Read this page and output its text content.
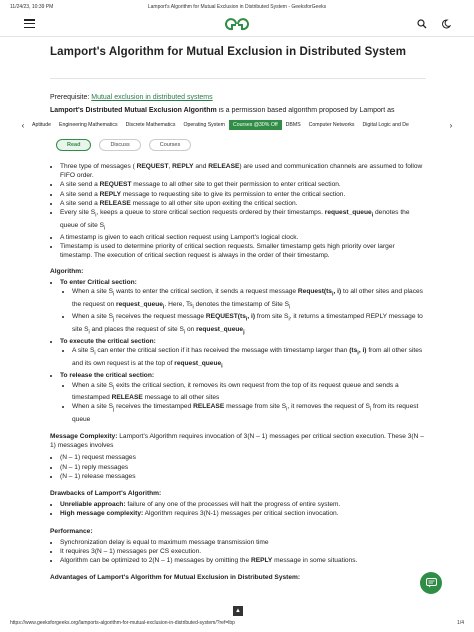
11/24/23, 10:39 PM	Lamport's Algorithm for Mutual Exclusion in Distributed System - GeeksforGeeks
Lamport's Algorithm for Mutual Exclusion in Distributed System
Prerequisite: Mutual exclusion in distributed systems
Lamport's Distributed Mutual Exclusion Algorithm is a permission based algorithm proposed by Lamport as
‹	Aptitude	Engineering Mathematics	Discrete Mathematics	Operating System	Courses @30% Off	DBMS	Computer Networks	Digital Logic and De	›
Read	Discuss	Courses
• Three type of messages ( REQUEST, REPLY and RELEASE) are used and communication channels are assumed to follow FIFO order.
• A site send a REQUEST message to all other site to get their permission to enter critical section.
• A site send a REPLY message to requesting site to give its permission to enter the critical section.
• A site send a RELEASE message to all other site upon exiting the critical section.
• Every site $S_i$, keeps a queue to store critical section requests ordered by their timestamps. request_queue$_i$ denotes the queue of site $S_i$
• A timestamp is given to each critical section request using Lamport's logical clock.
• Timestamp is used to determine priority of critical section requests. Smaller timestamp gets high priority over larger timestamp. The execution of critical section request is always in the order of their timestamp.
Algorithm:
• To enter Critical section:
• When a site $S_i$ wants to enter the critical section, it sends a request message $Request(ts_i$, i) to all other sites and places the request on request_queue$_i$. Here, $Ts_i$ denotes the timestamp of Site $S_i$
• When a site $S_j$ receives the request message $REQUEST(ts_i$, i) from site $S_i$, it returns a timestamped REPLY message to site $S_i$ and places the request of site $S_i$ on request_queue$_j$
• To execute the critical section:
• A site $S_i$ can enter the critical section if it has received the message with timestamp larger than ($ts_i$, i) from all other sites and its own request is at the top of request_queue$_i$
• To release the critical section:
• When a site $S_i$ exits the critical section, it removes its own request from the top of its request queue and sends a timestamped RELEASE message to all other sites
• When a site $S_j$ receives the timestamped RELEASE message from site $S_i$, it removes the request of $S_i$ from its request queue
Message Complexity: Lamport's Algorithm requires invocation of 3(N – 1) messages per critical section execution. These 3(N – 1) messages involves
• (N – 1) request messages
• (N – 1) reply messages
• (N – 1) release messages
Drawbacks of Lamport's Algorithm:
• Unreliable approach: failure of any one of the processes will halt the progress of entire system.
• High message complexity: Algorithm requires 3(N-1) messages per critical section invocation.
Performance:
• Synchronization delay is equal to maximum message transmission time
• It requires 3(N – 1) messages per CS execution.
• Algorithm can be optimized to 2(N – 1) messages by omitting the REPLY message in some situations.
Advantages of Lamport's Algorithm for Mutual Exclusion in Distributed System:
▲
https://www.geeksforgeeks.org/lamports-algorithm-for-mutual-exclusion-in-distributed-system/?ref=lbp	1/4
